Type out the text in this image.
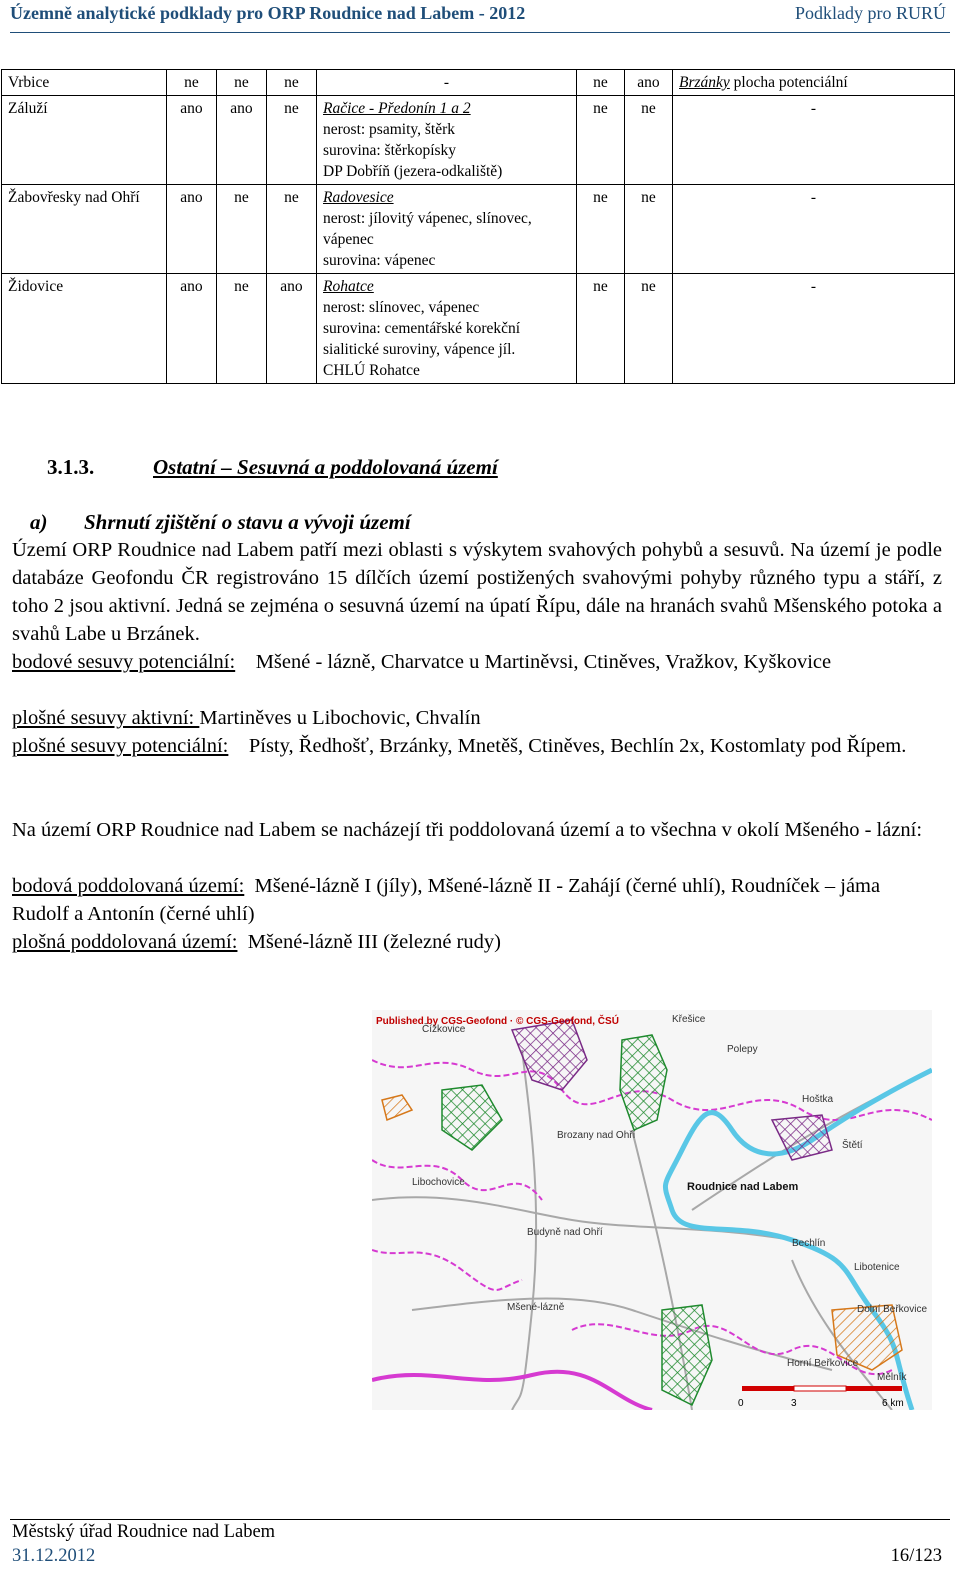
Územně analytické podklady pro ORP Roudnice nad Labem - 2012	Podklady pro RURÚ
Vrbice	ne	ne	ne	-	ne	ano	Brzánky plocha potenciální
Záluží	ano	ano	ne	Račice - Předonín 1 a 2
nerost: psamity, štěrk
surovina: štěrkopísky
DP Dobříň (jezera-odkaliště)	ne	ne	-
Žabovřesky nad Ohří	ano	ne	ne	Radovesice
nerost: jílovitý vápenec, slínovec, vápenec
surovina: vápenec	ne	ne	-
Židovice	ano	ne	ano	Rohatce
nerost: slínovec, vápenec
surovina: cementářské korekční sialitické suroviny, vápence jíl.
CHLÚ Rohatce	ne	ne	-
3.1.3.	Ostatní – Sesuvná a poddolovaná území
a) Shrnutí zjištění o stavu a vývoji území
Území ORP Roudnice nad Labem patří mezi oblasti s výskytem svahových pohybů a sesuvů. Na území je podle databáze Geofondu ČR registrováno 15 dílčích území postižených svahovými pohyby různého typu a stáří, z toho 2 jsou aktivní. Jedná se zejména o sesuvná území na úpatí Řípu, dále na hranách svahů Mšenského potoka a svahů Labe u Brzánek.
bodové sesuvy potenciální: Mšené - lázně, Charvatce u Martiněvsi, Ctiněves, Vražkov, Kyškovice
plošné sesuvy aktivní: Martiněves u Libochovic, Chvalín
plošné sesuvy potenciální: Písty, Ředhošť, Brzánky, Mnetěš, Ctiněves, Bechlín 2x, Kostomlaty pod Řípem.
Na území ORP Roudnice nad Labem se nacházejí tři poddolovaná území a to všechna v okolí Mšeného - lázní:
bodová poddolovaná území: Mšené-lázně I (jíly), Mšené-lázně II - Zahájí (černé uhlí), Roudníček – jáma Rudolf a Antonín (černé uhlí)
plošná poddolovaná území: Mšené-lázně III (železné rudy)
Published by CGS-Geofond · © CGS-Geofond, ČSÚ	Křešice
Čížkovice
Polepy
Hoštka
Brozany nad Ohří
Štětí
Libochovice	Roudnice nad Labem
Budyně nad Ohří
Bechlín
Libotenice
Mšené-lázně	Dolní Beřkovice
Horní Beřkovice
Mělník
0	3	6 km
Městský úřad Roudnice nad Labem
31.12.2012	16/123
